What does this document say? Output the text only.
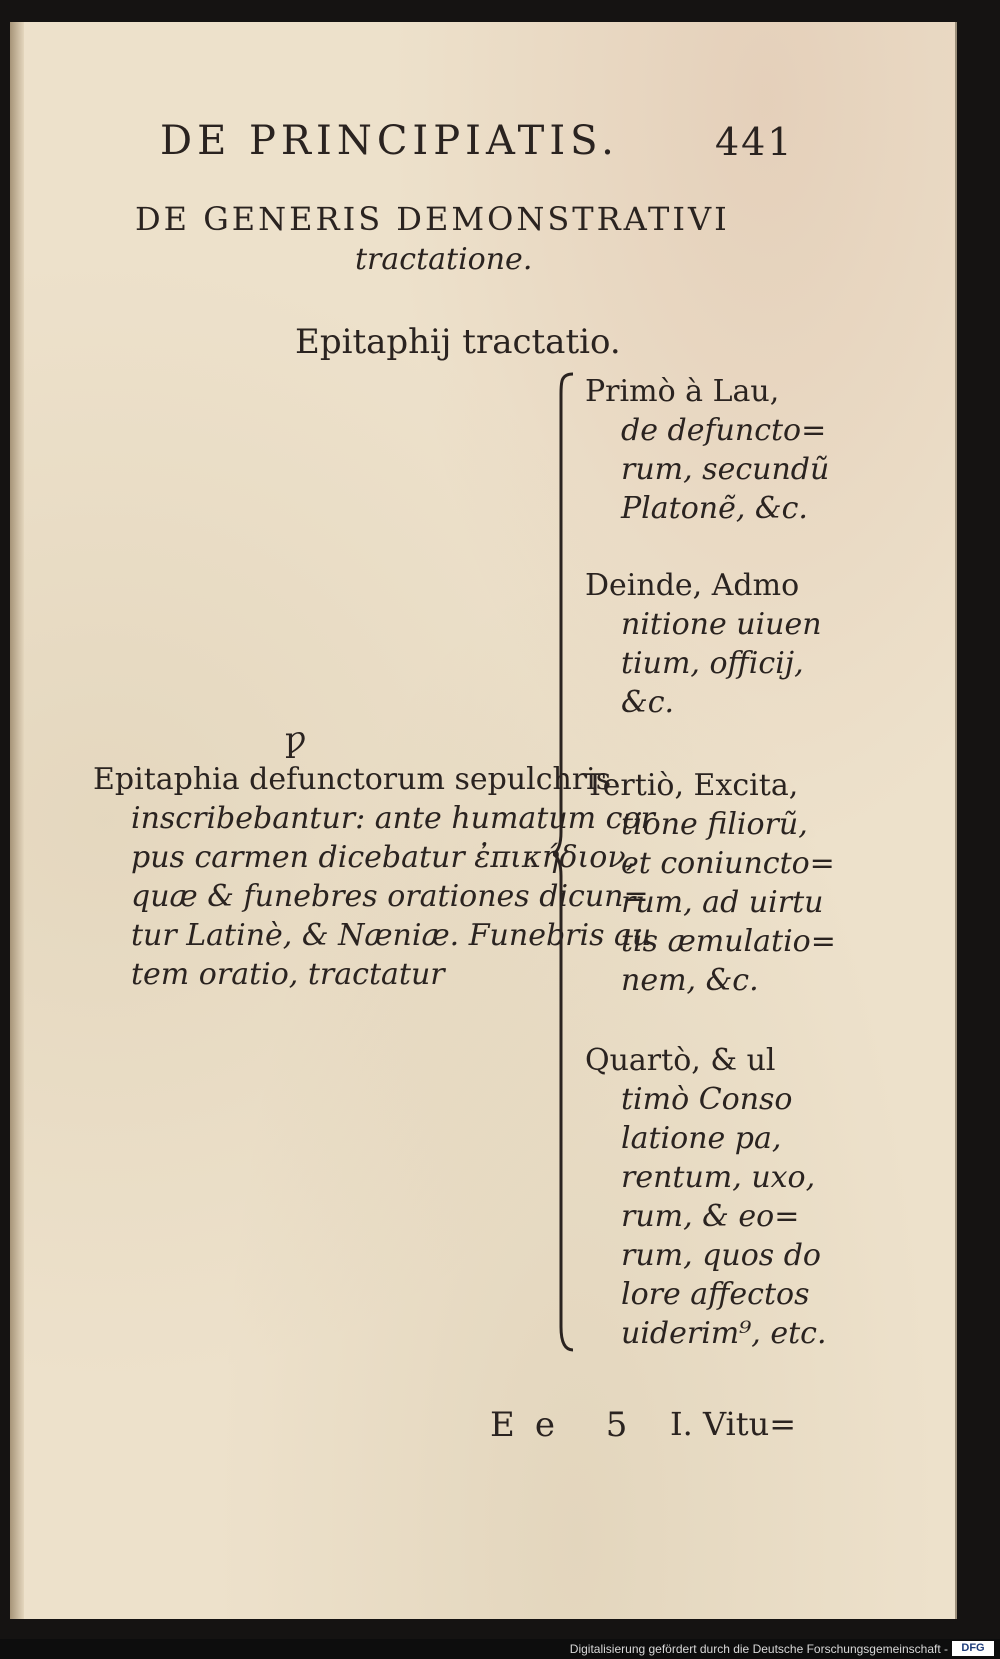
DE PRINCIPIATIS.	441
DE GENERIS DEMONSTRATIVI
tractatione.
Epitaphij tractatio.
ƿ
Epitaphia defunctorum sepulchris
inscribebantur: ante humatum cor
pus carmen dicebatur ἐπικήδιον,
quæ & funebres orationes dicun=
tur Latinè, & Næniæ. Funebris au
tem oratio, tractatur
Primò à Lau,
de defuncto=
rum, secundũ
Platonẽ, &c.
Deinde, Admo
nitione uiuen
tium, officij,
&c.
Tertiò, Excita,
tione filiorũ,
et coniuncto=
rum, ad uirtu
tis æmulatio=
nem, &c.
Quartò, & ul
timò Conso
latione pa,
rentum, uxo,
rum, & eo=
rum, quos do
lore affectos
uiderim⁹, etc.
Ee 5 I. Vitu=
Digitalisierung gefördert durch die Deutsche Forschungsgemeinschaft -	DFG
